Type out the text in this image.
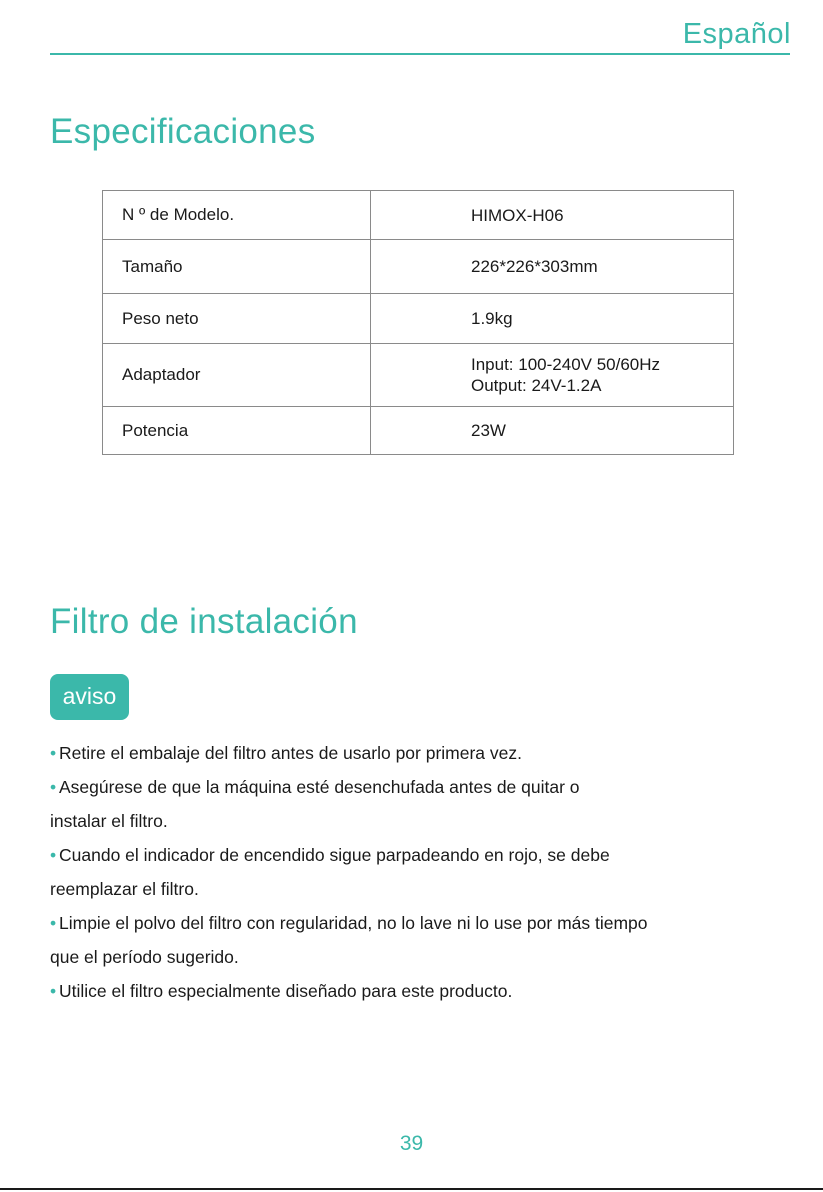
Español
Especificaciones
N º de Modelo.	HIMOX-H06

Tamaño	226*226*303mm

Peso neto	1.9kg

Adaptador	Input: 100-240V 50/60Hz
Output: 24V-1.2A

Potencia	23W
Filtro de instalación
aviso
• Retire el embalaje del filtro antes de usarlo por primera vez.
• Asegúrese de que la máquina esté desenchufada antes de quitar o
instalar el filtro.
• Cuando el indicador de encendido sigue parpadeando en rojo, se debe
reemplazar el filtro.
• Limpie el polvo del filtro con regularidad, no lo lave ni lo use por más tiempo
que el período sugerido.
• Utilice el filtro especialmente diseñado para este producto.
39
